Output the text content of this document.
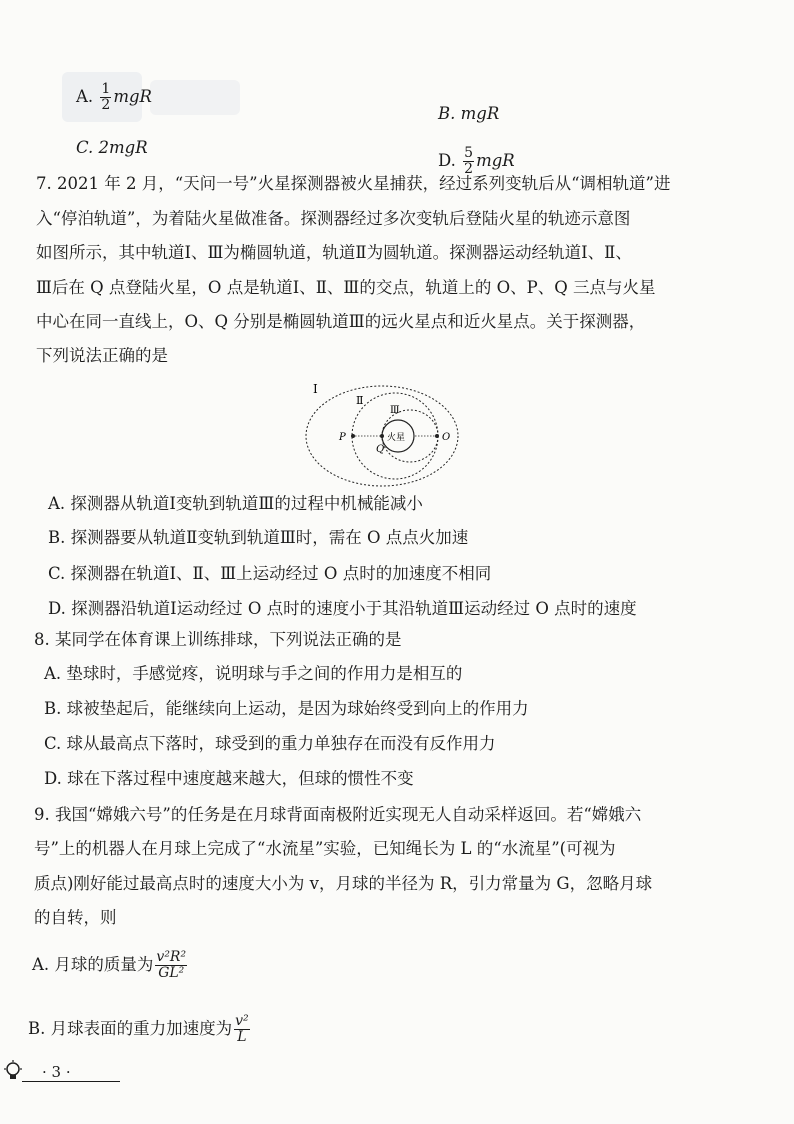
A. $\frac{1}{2}$ mgR
B. mgR
C. 2mgR
D. $\frac{5}{2}$ mgR
7. 2021 年 2 月，“天问一号”火星探测器被火星捕获，经过系列变轨后从“调相轨道”进
入“停泊轨道”，为着陆火星做准备。探测器经过多次变轨后登陆火星的轨迹示意图
如图所示，其中轨道Ⅰ、Ⅲ为椭圆轨道，轨道Ⅱ为圆轨道。探测器运动经轨道Ⅰ、Ⅱ、
Ⅲ后在 Q 点登陆火星，O 点是轨道Ⅰ、Ⅱ、Ⅲ的交点，轨道上的 O、P、Q 三点与火星
中心在同一直线上，O、Q 分别是椭圆轨道Ⅲ的远火星点和近火星点。关于探测器，
下列说法正确的是
Ⅰ
Ⅱ
Ⅲ
P
Q
O
火星
A. 探测器从轨道Ⅰ变轨到轨道Ⅲ的过程中机械能减小
B. 探测器要从轨道Ⅱ变轨到轨道Ⅲ时，需在 O 点点火加速
C. 探测器在轨道Ⅰ、Ⅱ、Ⅲ上运动经过 O 点时的加速度不相同
D. 探测器沿轨道Ⅰ运动经过 O 点时的速度小于其沿轨道Ⅲ运动经过 O 点时的速度
8. 某同学在体育课上训练排球，下列说法正确的是
A. 垫球时，手感觉疼，说明球与手之间的作用力是相互的
B. 球被垫起后，能继续向上运动，是因为球始终受到向上的作用力
C. 球从最高点下落时，球受到的重力单独存在而没有反作用力
D. 球在下落过程中速度越来越大，但球的惯性不变
9. 我国“嫦娥六号”的任务是在月球背面南极附近实现无人自动采样返回。若“嫦娥六
号”上的机器人在月球上完成了“水流星”实验，已知绳长为 L 的“水流星”(可视为
质点)刚好能过最高点时的速度大小为 v，月球的半径为 R，引力常量为 G，忽略月球
的自转，则
A. 月球的质量为 $\frac{\text{v²R²}}{\text{GL²}}$
B. 月球表面的重力加速度为 $\frac{\text{v²}}{L}$
· 3 ·
